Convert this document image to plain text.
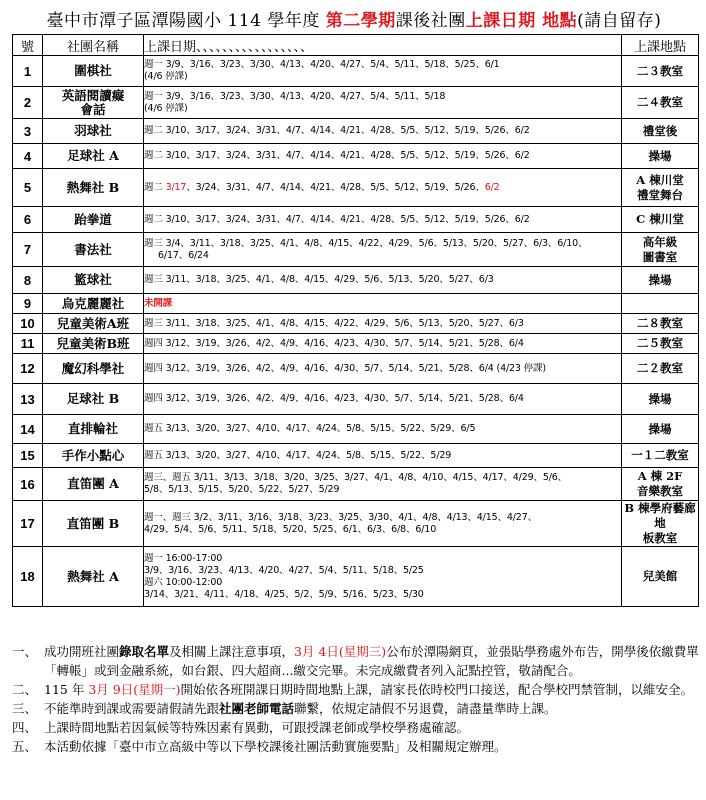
臺中市潭子區潭陽國小 114 學年度 第二學期課後社團上課日期 地點(請自留存)
號	社團名稱	上課日期、、、、、、、、、、、、、、、、、	上課地點
1	圍棋社	週一 3/9、3/16、3/23、3/30、4/13、4/20、4/27、5/4、5/11、5/18、5/25、6/1
(4/6 停課)	二３教室

2	英語閱讀癡
會話	週一 3/9、3/16、3/23、3/30、4/13、4/20、4/27、5/4、5/11、5/18
(4/6 停課)	二４教室

3	羽球社	週二 3/10、3/17、3/24、3/31、4/7、4/14、4/21、4/28、5/5、5/12、5/19、5/26、6/2	禮堂後

4	足球社 A	週二 3/10、3/17、3/24、3/31、4/7、4/14、4/21、4/28、5/5、5/12、5/19、5/26、6/2	操場

5	熱舞社 B	週二 3/17、3/24、3/31、4/7、4/14、4/21、4/28、5/5、5/12、5/19、5/26、6/2	A 棟川堂
禮堂舞台

6	跆拳道	週二 3/10、3/17、3/24、3/31、4/7、4/14、4/21、4/28、5/5、5/12、5/19、5/26、6/2	C 棟川堂

7	書法社	週三 3/4、3/11、3/18、3/25、4/1、4/8、4/15、4/22、4/29、5/6、5/13、5/20、5/27、6/3、6/10、
6/17、6/24	高年級
圖書室

8	籃球社	週三 3/11、3/18、3/25、4/1、4/8、4/15、4/29、5/6、5/13、5/20、5/27、6/3	操場

9	烏克麗麗社	未開課	

10	兒童美術A班	週三 3/11、3/18、3/25、4/1、4/8、4/15、4/22、4/29、5/6、5/13、5/20、5/27、6/3	二８教室

11	兒童美術B班	週四 3/12、3/19、3/26、4/2、4/9、4/16、4/23、4/30、5/7、5/14、5/21、5/28、6/4	二５教室

12	魔幻科學社	週四 3/12、3/19、3/26、4/2、4/9、4/16、4/30、5/7、5/14、5/21、5/28、6/4 (4/23 停課)	二２教室

13	足球社 B	週四 3/12、3/19、3/26、4/2、4/9、4/16、4/23、4/30、5/7、5/14、5/21、5/28、6/4	操場

14	直排輪社	週五 3/13、3/20、3/27、4/10、4/17、4/24、5/8、5/15、5/22、5/29、6/5	操場

15	手作小點心	週五 3/13、3/20、3/27、4/10、4/17、4/24、5/8、5/15、5/22、5/29	一１二教室

16	直笛團 A	週三、週五 3/11、3/13、3/18、3/20、3/25、3/27、4/1、4/8、4/10、4/15、4/17、4/29、5/6、
5/8、5/13、5/15、5/20、5/22、5/27、5/29	A 棟 2F
音樂教室

17	直笛團 B	週一、週三 3/2、3/11、3/16、3/18、3/23、3/25、3/30、4/1、4/8、4/13、4/15、4/27、
4/29、5/4、5/6、5/11、5/18、5/20、5/25、6/1、6/3、6/8、6/10	B 棟學府藝廊地
板教室

18	熱舞社 A	週一 16:00-17:00
3/9、3/16、3/23、4/13、4/20、4/27、5/4、5/11、5/18、5/25
週六 10:00-12:00
3/14、3/21、4/11、4/18、4/25、5/2、5/9、5/16、5/23、5/30	兒美館
一、 成功開班社團錄取名單及相關上課注意事項，3月 4日(星期三)公布於潭陽網頁，並張貼學務處外布告，開學後依繳費單「轉帳」或到金融系統，如台銀、四大超商...繳交完畢。未完成繳費者列入記點控管，敬請配合。
二、 115 年 3月 9日(星期一)開始依各班開課日期時間地點上課，請家長依時校門口接送，配合學校門禁管制，以維安全。
三、 不能準時到課或需要請假請先跟社團老師電話聯繫，依規定請假不另退費，請盡量準時上課。
四、 上課時間地點若因氣候等特殊因素有異動，可跟授課老師或學校學務處確認。
五、 本活動依據「臺中市立高級中等以下學校課後社團活動實施要點」及相關規定辦理。
